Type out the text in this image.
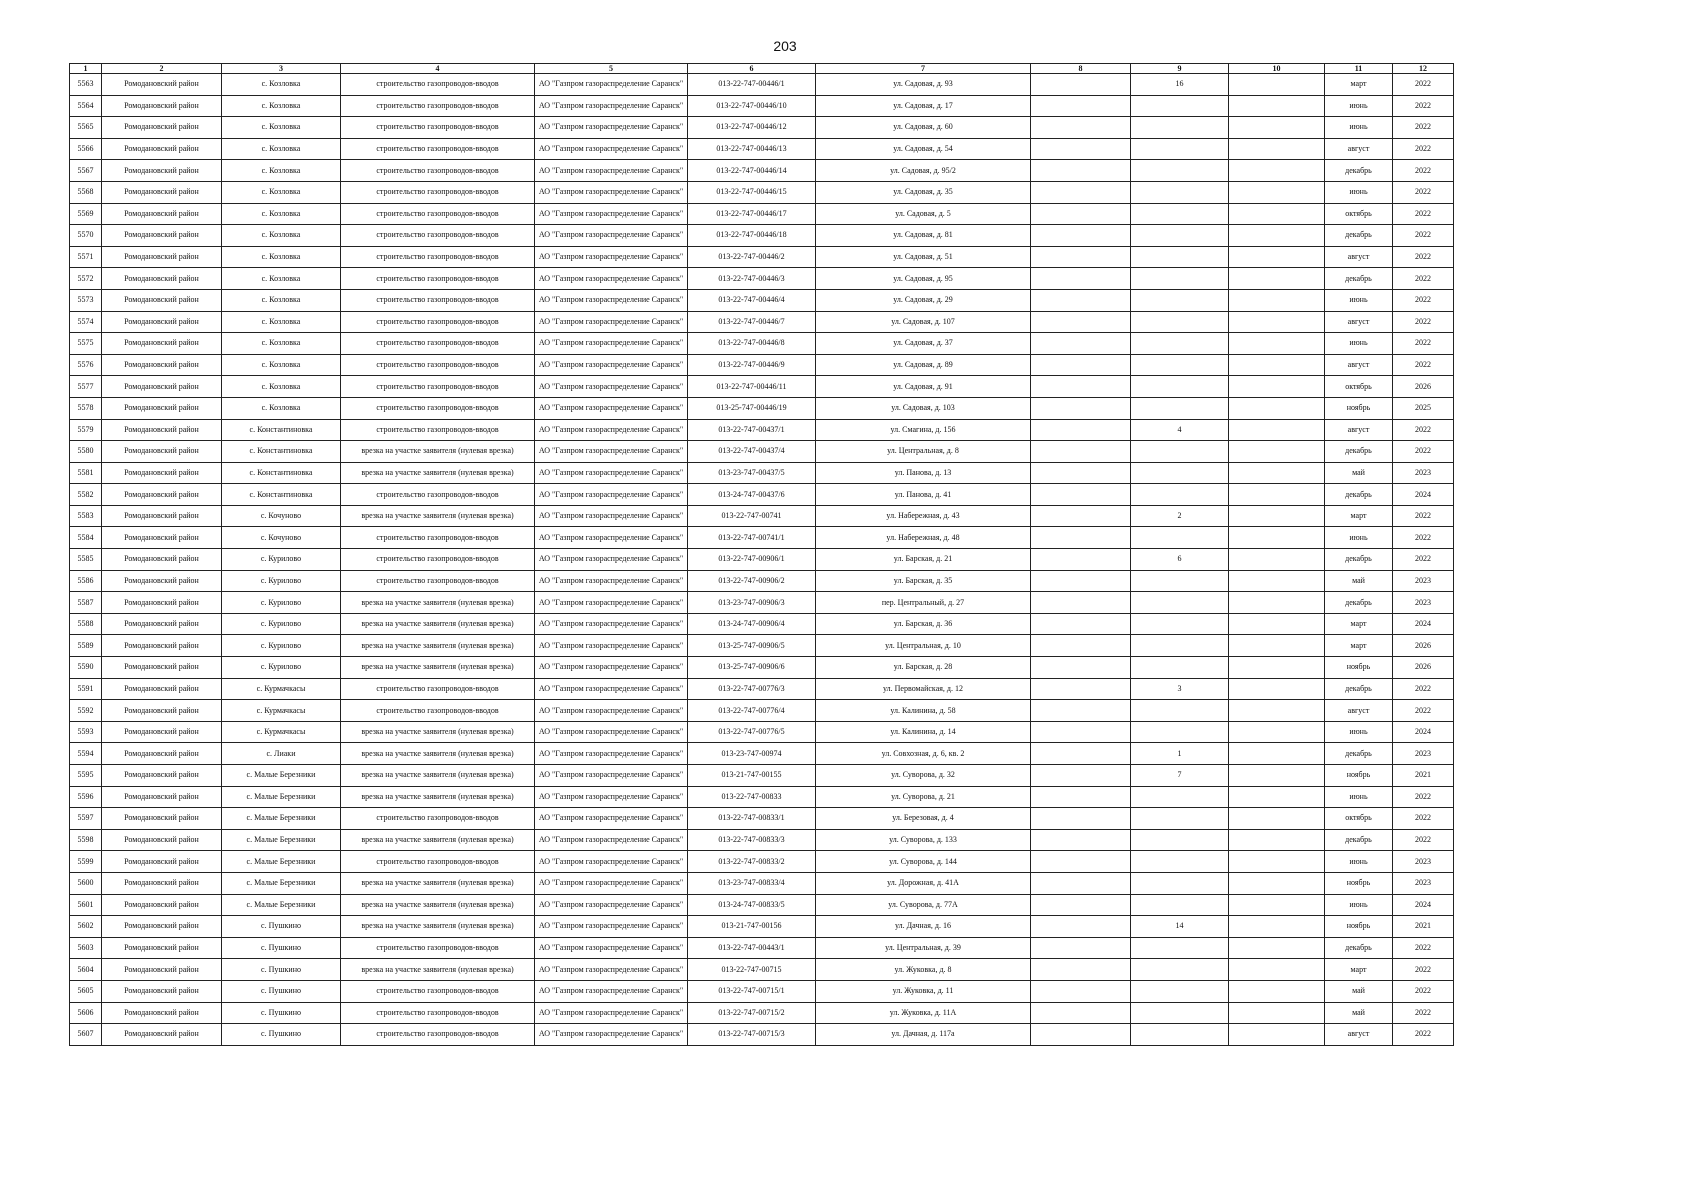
203
1	2	3	4	5	6	7	8	9	10	11	12
5563	Ромодановский район	с. Козловка	строительство газопроводов-вводов	АО "Газпром газораспределение Саранск"	013-22-747-00446/1	ул. Садовая, д. 93		16		март	2022
5564	Ромодановский район	с. Козловка	строительство газопроводов-вводов	АО "Газпром газораспределение Саранск"	013-22-747-00446/10	ул. Садовая, д. 17				июнь	2022
5565	Ромодановский район	с. Козловка	строительство газопроводов-вводов	АО "Газпром газораспределение Саранск"	013-22-747-00446/12	ул. Садовая, д. 60				июнь	2022
5566	Ромодановский район	с. Козловка	строительство газопроводов-вводов	АО "Газпром газораспределение Саранск"	013-22-747-00446/13	ул. Садовая, д. 54				август	2022
5567	Ромодановский район	с. Козловка	строительство газопроводов-вводов	АО "Газпром газораспределение Саранск"	013-22-747-00446/14	ул. Садовая, д. 95/2				декабрь	2022
5568	Ромодановский район	с. Козловка	строительство газопроводов-вводов	АО "Газпром газораспределение Саранск"	013-22-747-00446/15	ул. Садовая, д. 35				июнь	2022
5569	Ромодановский район	с. Козловка	строительство газопроводов-вводов	АО "Газпром газораспределение Саранск"	013-22-747-00446/17	ул. Садовая, д. 5				октябрь	2022
5570	Ромодановский район	с. Козловка	строительство газопроводов-вводов	АО "Газпром газораспределение Саранск"	013-22-747-00446/18	ул. Садовая, д. 81				декабрь	2022
5571	Ромодановский район	с. Козловка	строительство газопроводов-вводов	АО "Газпром газораспределение Саранск"	013-22-747-00446/2	ул. Садовая, д. 51				август	2022
5572	Ромодановский район	с. Козловка	строительство газопроводов-вводов	АО "Газпром газораспределение Саранск"	013-22-747-00446/3	ул. Садовая, д. 95				декабрь	2022
5573	Ромодановский район	с. Козловка	строительство газопроводов-вводов	АО "Газпром газораспределение Саранск"	013-22-747-00446/4	ул. Садовая, д. 29				июнь	2022
5574	Ромодановский район	с. Козловка	строительство газопроводов-вводов	АО "Газпром газораспределение Саранск"	013-22-747-00446/7	ул. Садовая, д. 107				август	2022
5575	Ромодановский район	с. Козловка	строительство газопроводов-вводов	АО "Газпром газораспределение Саранск"	013-22-747-00446/8	ул. Садовая, д. 37				июнь	2022
5576	Ромодановский район	с. Козловка	строительство газопроводов-вводов	АО "Газпром газораспределение Саранск"	013-22-747-00446/9	ул. Садовая, д. 89				август	2022
5577	Ромодановский район	с. Козловка	строительство газопроводов-вводов	АО "Газпром газораспределение Саранск"	013-22-747-00446/11	ул. Садовая, д. 91				октябрь	2026
5578	Ромодановский район	с. Козловка	строительство газопроводов-вводов	АО "Газпром газораспределение Саранск"	013-25-747-00446/19	ул. Садовая, д. 103				ноябрь	2025
5579	Ромодановский район	с. Константиновка	строительство газопроводов-вводов	АО "Газпром газораспределение Саранск"	013-22-747-00437/1	ул. Смагина, д. 156		4		август	2022
5580	Ромодановский район	с. Константиновка	врезка на участке заявителя (нулевая врезка)	АО "Газпром газораспределение Саранск"	013-22-747-00437/4	ул. Центральная, д. 8				декабрь	2022
5581	Ромодановский район	с. Константиновка	врезка на участке заявителя (нулевая врезка)	АО "Газпром газораспределение Саранск"	013-23-747-00437/5	ул. Панова, д. 13				май	2023
5582	Ромодановский район	с. Константиновка	строительство газопроводов-вводов	АО "Газпром газораспределение Саранск"	013-24-747-00437/6	ул. Панова, д. 41				декабрь	2024
5583	Ромодановский район	с. Кочуново	врезка на участке заявителя (нулевая врезка)	АО "Газпром газораспределение Саранск"	013-22-747-00741	ул. Набережная, д. 43		2		март	2022
5584	Ромодановский район	с. Кочуново	строительство газопроводов-вводов	АО "Газпром газораспределение Саранск"	013-22-747-00741/1	ул. Набережная, д. 48				июнь	2022
5585	Ромодановский район	с. Курилово	строительство газопроводов-вводов	АО "Газпром газораспределение Саранск"	013-22-747-00906/1	ул. Барская, д. 21		6		декабрь	2022
5586	Ромодановский район	с. Курилово	строительство газопроводов-вводов	АО "Газпром газораспределение Саранск"	013-22-747-00906/2	ул. Барская, д. 35				май	2023
5587	Ромодановский район	с. Курилово	врезка на участке заявителя (нулевая врезка)	АО "Газпром газораспределение Саранск"	013-23-747-00906/3	пер. Центральный, д. 27				декабрь	2023
5588	Ромодановский район	с. Курилово	врезка на участке заявителя (нулевая врезка)	АО "Газпром газораспределение Саранск"	013-24-747-00906/4	ул. Барская, д. 36				март	2024
5589	Ромодановский район	с. Курилово	врезка на участке заявителя (нулевая врезка)	АО "Газпром газораспределение Саранск"	013-25-747-00906/5	ул. Центральная, д. 10				март	2026
5590	Ромодановский район	с. Курилово	врезка на участке заявителя (нулевая врезка)	АО "Газпром газораспределение Саранск"	013-25-747-00906/6	ул. Барская, д. 28				ноябрь	2026
5591	Ромодановский район	с. Курмачкасы	строительство газопроводов-вводов	АО "Газпром газораспределение Саранск"	013-22-747-00776/3	ул. Первомайская, д. 12		3		декабрь	2022
5592	Ромодановский район	с. Курмачкасы	строительство газопроводов-вводов	АО "Газпром газораспределение Саранск"	013-22-747-00776/4	ул. Калинина, д. 58				август	2022
5593	Ромодановский район	с. Курмачкасы	врезка на участке заявителя (нулевая врезка)	АО "Газпром газораспределение Саранск"	013-22-747-00776/5	ул. Калинина, д. 14				июнь	2024
5594	Ромодановский район	с. Лиаки	врезка на участке заявителя (нулевая врезка)	АО "Газпром газораспределение Саранск"	013-23-747-00974	ул. Совхозная, д. 6, кв. 2		1		декабрь	2023
5595	Ромодановский район	с. Малые Березники	врезка на участке заявителя (нулевая врезка)	АО "Газпром газораспределение Саранск"	013-21-747-00155	ул. Суворова, д. 32		7		ноябрь	2021
5596	Ромодановский район	с. Малые Березники	врезка на участке заявителя (нулевая врезка)	АО "Газпром газораспределение Саранск"	013-22-747-00833	ул. Суворова, д. 21				июнь	2022
5597	Ромодановский район	с. Малые Березники	строительство газопроводов-вводов	АО "Газпром газораспределение Саранск"	013-22-747-00833/1	ул. Березовая, д. 4				октябрь	2022
5598	Ромодановский район	с. Малые Березники	врезка на участке заявителя (нулевая врезка)	АО "Газпром газораспределение Саранск"	013-22-747-00833/3	ул. Суворова, д. 133				декабрь	2022
5599	Ромодановский район	с. Малые Березники	строительство газопроводов-вводов	АО "Газпром газораспределение Саранск"	013-22-747-00833/2	ул. Суворова, д. 144				июнь	2023
5600	Ромодановский район	с. Малые Березники	врезка на участке заявителя (нулевая врезка)	АО "Газпром газораспределение Саранск"	013-23-747-00833/4	ул. Дорожная, д. 41А				ноябрь	2023
5601	Ромодановский район	с. Малые Березники	врезка на участке заявителя (нулевая врезка)	АО "Газпром газораспределение Саранск"	013-24-747-00833/5	ул. Суворова, д. 77А				июнь	2024
5602	Ромодановский район	с. Пушкино	врезка на участке заявителя (нулевая врезка)	АО "Газпром газораспределение Саранск"	013-21-747-00156	ул. Дачная, д. 16		14		ноябрь	2021
5603	Ромодановский район	с. Пушкино	строительство газопроводов-вводов	АО "Газпром газораспределение Саранск"	013-22-747-00443/1	ул. Центральная, д. 39				декабрь	2022
5604	Ромодановский район	с. Пушкино	врезка на участке заявителя (нулевая врезка)	АО "Газпром газораспределение Саранск"	013-22-747-00715	ул. Жуковка, д. 8				март	2022
5605	Ромодановский район	с. Пушкино	строительство газопроводов-вводов	АО "Газпром газораспределение Саранск"	013-22-747-00715/1	ул. Жуковка, д. 11				май	2022
5606	Ромодановский район	с. Пушкино	строительство газопроводов-вводов	АО "Газпром газораспределение Саранск"	013-22-747-00715/2	ул. Жуковка, д. 11А				май	2022
5607	Ромодановский район	с. Пушкино	строительство газопроводов-вводов	АО "Газпром газораспределение Саранск"	013-22-747-00715/3	ул. Дачная, д. 117а				август	2022
